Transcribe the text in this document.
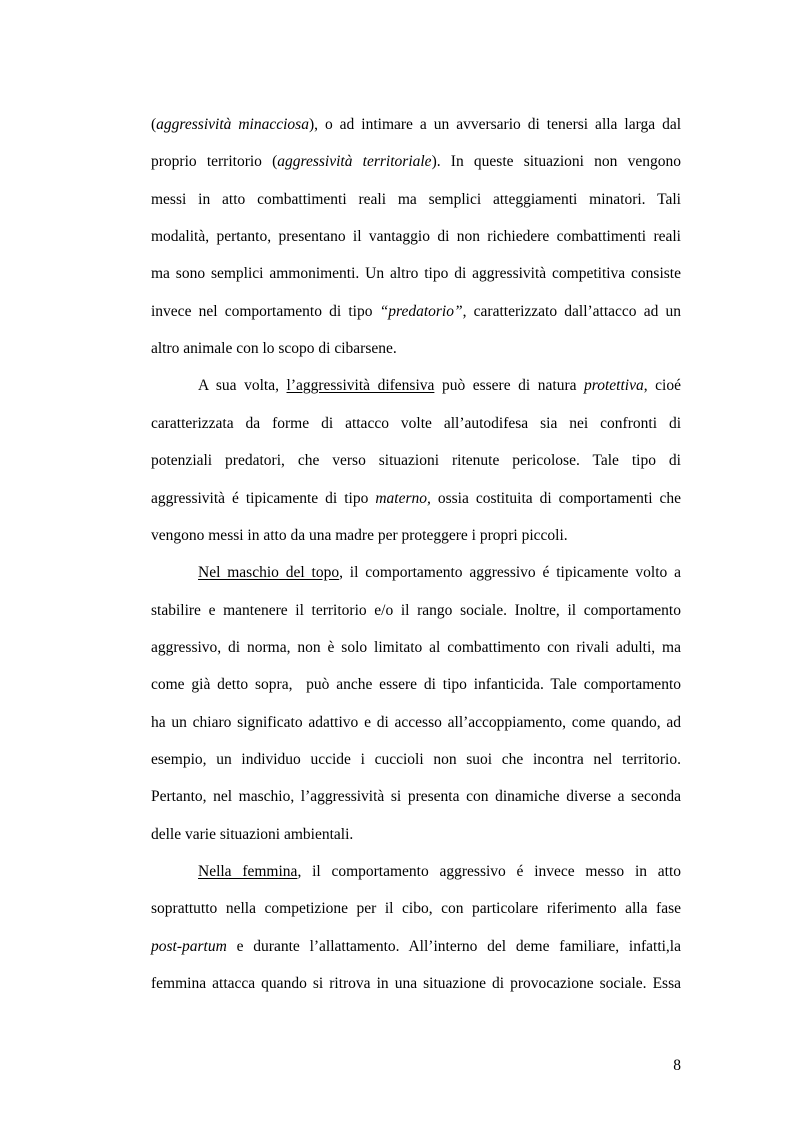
(aggressività minacciosa), o ad intimare a un avversario di tenersi alla larga dal
proprio territorio (aggressività territoriale). In queste situazioni non vengono
messi in atto combattimenti reali ma semplici atteggiamenti minatori. Tali
modalità, pertanto, presentano il vantaggio di non richiedere combattimenti reali
ma sono semplici ammonimenti. Un altro tipo di aggressività competitiva consiste
invece nel comportamento di tipo “predatorio”, caratterizzato dall’attacco ad un
altro animale con lo scopo di cibarsene.
A sua volta, l’aggressività difensiva può essere di natura protettiva, cioé
caratterizzata da forme di attacco volte all’autodifesa sia nei confronti di
potenziali predatori, che verso situazioni ritenute pericolose. Tale tipo di
aggressività é tipicamente di tipo materno, ossia costituita di comportamenti che
vengono messi in atto da una madre per proteggere i propri piccoli.
Nel maschio del topo, il comportamento aggressivo é tipicamente volto a
stabilire e mantenere il territorio e/o il rango sociale. Inoltre, il comportamento
aggressivo, di norma, non è solo limitato al combattimento con rivali adulti, ma
come già detto sopra,  può anche essere di tipo infanticida. Tale comportamento
ha un chiaro significato adattivo e di accesso all’accoppiamento, come quando, ad
esempio, un individuo uccide i cuccioli non suoi che incontra nel territorio.
Pertanto, nel maschio, l’aggressività si presenta con dinamiche diverse a seconda
delle varie situazioni ambientali.
Nella femmina, il comportamento aggressivo é invece messo in atto
soprattutto nella competizione per il cibo, con particolare riferimento alla fase
post-partum e durante l’allattamento. All’interno del deme familiare, infatti,la
femmina attacca quando si ritrova in una situazione di provocazione sociale. Essa
8
